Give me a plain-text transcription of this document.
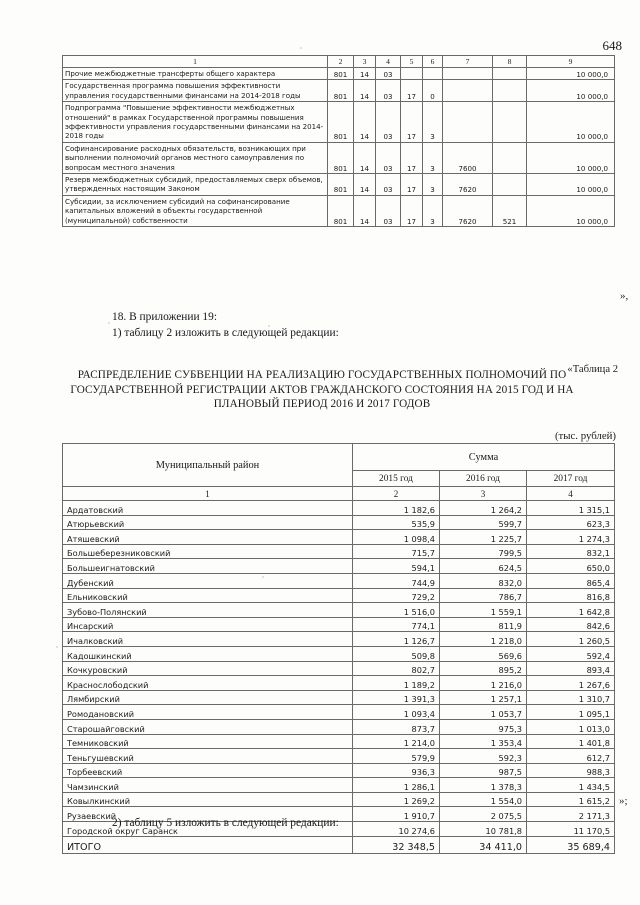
648
1	2	3	4	5	6	7	8	9

Прочие межбюджетные трансферты общего характера	801	14	03					10 000,0

Государственная программа повышения эффективности управления государственными финансами на 2014-2018 годы	801	14	03	17	0			10 000,0

Подпрограмма "Повышение эффективности межбюджетных отношений" в рамках Государственной программы повышения эффективности управления государственными финансами на 2014-2018 годы	801	14	03	17	3			10 000,0

Софинансирование расходных обязательств, возникающих при выполнении полномочий органов местного самоуправления по вопросам местного значения	801	14	03	17	3	7600		10 000,0

Резерв межбюджетных субсидий, предоставляемых сверх объемов, утвержденных настоящим Законом	801	14	03	17	3	7620		10 000,0

Субсидии, за исключением субсидий на софинансирование капитальных вложений в объекты государственной (муниципальной) собственности	801	14	03	17	3	7620	521	10 000,0
»,
18. В приложении 19:
1) таблицу 2 изложить в следующей редакции:
«Таблица 2
РАСПРЕДЕЛЕНИЕ СУБВЕНЦИИ НА РЕАЛИЗАЦИЮ ГОСУДАРСТВЕННЫХ ПОЛНОМОЧИЙ ПО ГОСУДАРСТВЕННОЙ РЕГИСТРАЦИИ АКТОВ ГРАЖДАНСКОГО СОСТОЯНИЯ НА 2015 ГОД И НА ПЛАНОВЫЙ ПЕРИОД 2016 И 2017 ГОДОВ
(тыс. рублей)
Муниципальный район	Сумма		
	2015 год	2016 год	2017 год
1	2	3	4
Ардатовский	1 182,6	1 264,2	1 315,1
Атюрьевский	535,9	599,7	623,3
Атяшевский	1 098,4	1 225,7	1 274,3
Большеберезниковский	715,7	799,5	832,1
Большеигнатовский	594,1	624,5	650,0
Дубенский	744,9	832,0	865,4
Ельниковский	729,2	786,7	816,8
Зубово-Полянский	1 516,0	1 559,1	1 642,8
Инсарский	774,1	811,9	842,6
Ичалковский	1 126,7	1 218,0	1 260,5
Кадошкинский	509,8	569,6	592,4
Кочкуровский	802,7	895,2	893,4
Краснослободский	1 189,2	1 216,0	1 267,6
Лямбирский	1 391,3	1 257,1	1 310,7
Ромодановский	1 093,4	1 053,7	1 095,1
Старошайговский	873,7	975,3	1 013,0
Темниковский	1 214,0	1 353,4	1 401,8
Теньгушевский	579,9	592,3	612,7
Торбеевский	936,3	987,5	988,3
Чамзинский	1 286,1	1 378,3	1 434,5
Ковылкинский	1 269,2	1 554,0	1 615,2
Рузаевский	1 910,7	2 075,5	2 171,3
Городской округ Саранск	10 274,6	10 781,8	11 170,5
ИТОГО	32 348,5	34 411,0	35 689,4
»;
2) таблицу 5 изложить в следующей редакции:
